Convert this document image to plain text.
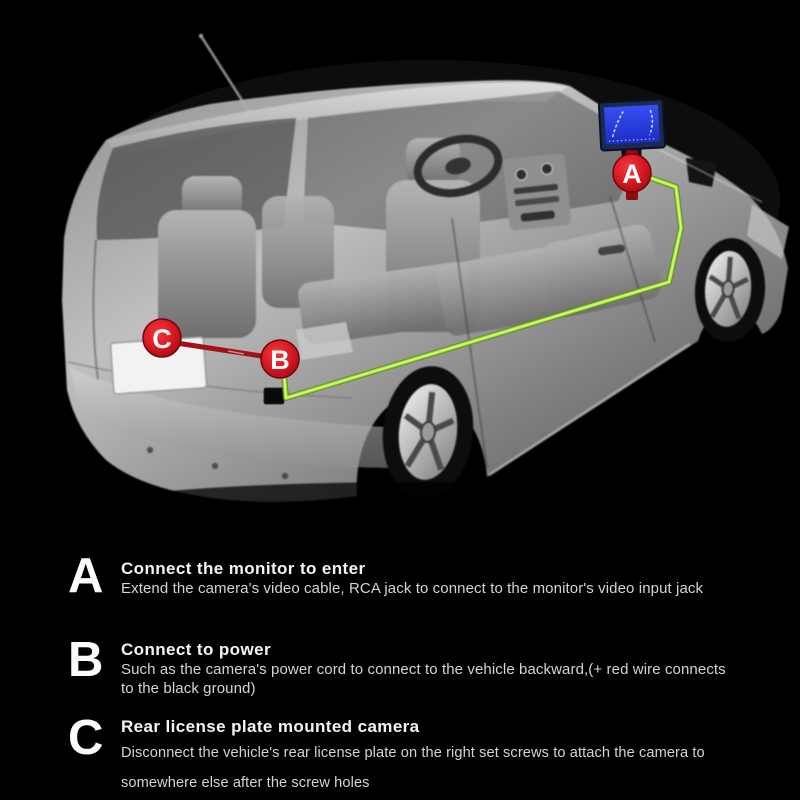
A
B
C
A	Connect the monitor to enter
Extend the camera's video cable, RCA jack to connect to the monitor's video input jack
B	Connect to power
Such as the camera's power cord to connect to the vehicle backward,(+ red wire connects
to the black ground)
C	Rear license plate mounted camera
Disconnect the vehicle's rear license plate on the right set screws to attach the camera to
somewhere else after the screw holes
